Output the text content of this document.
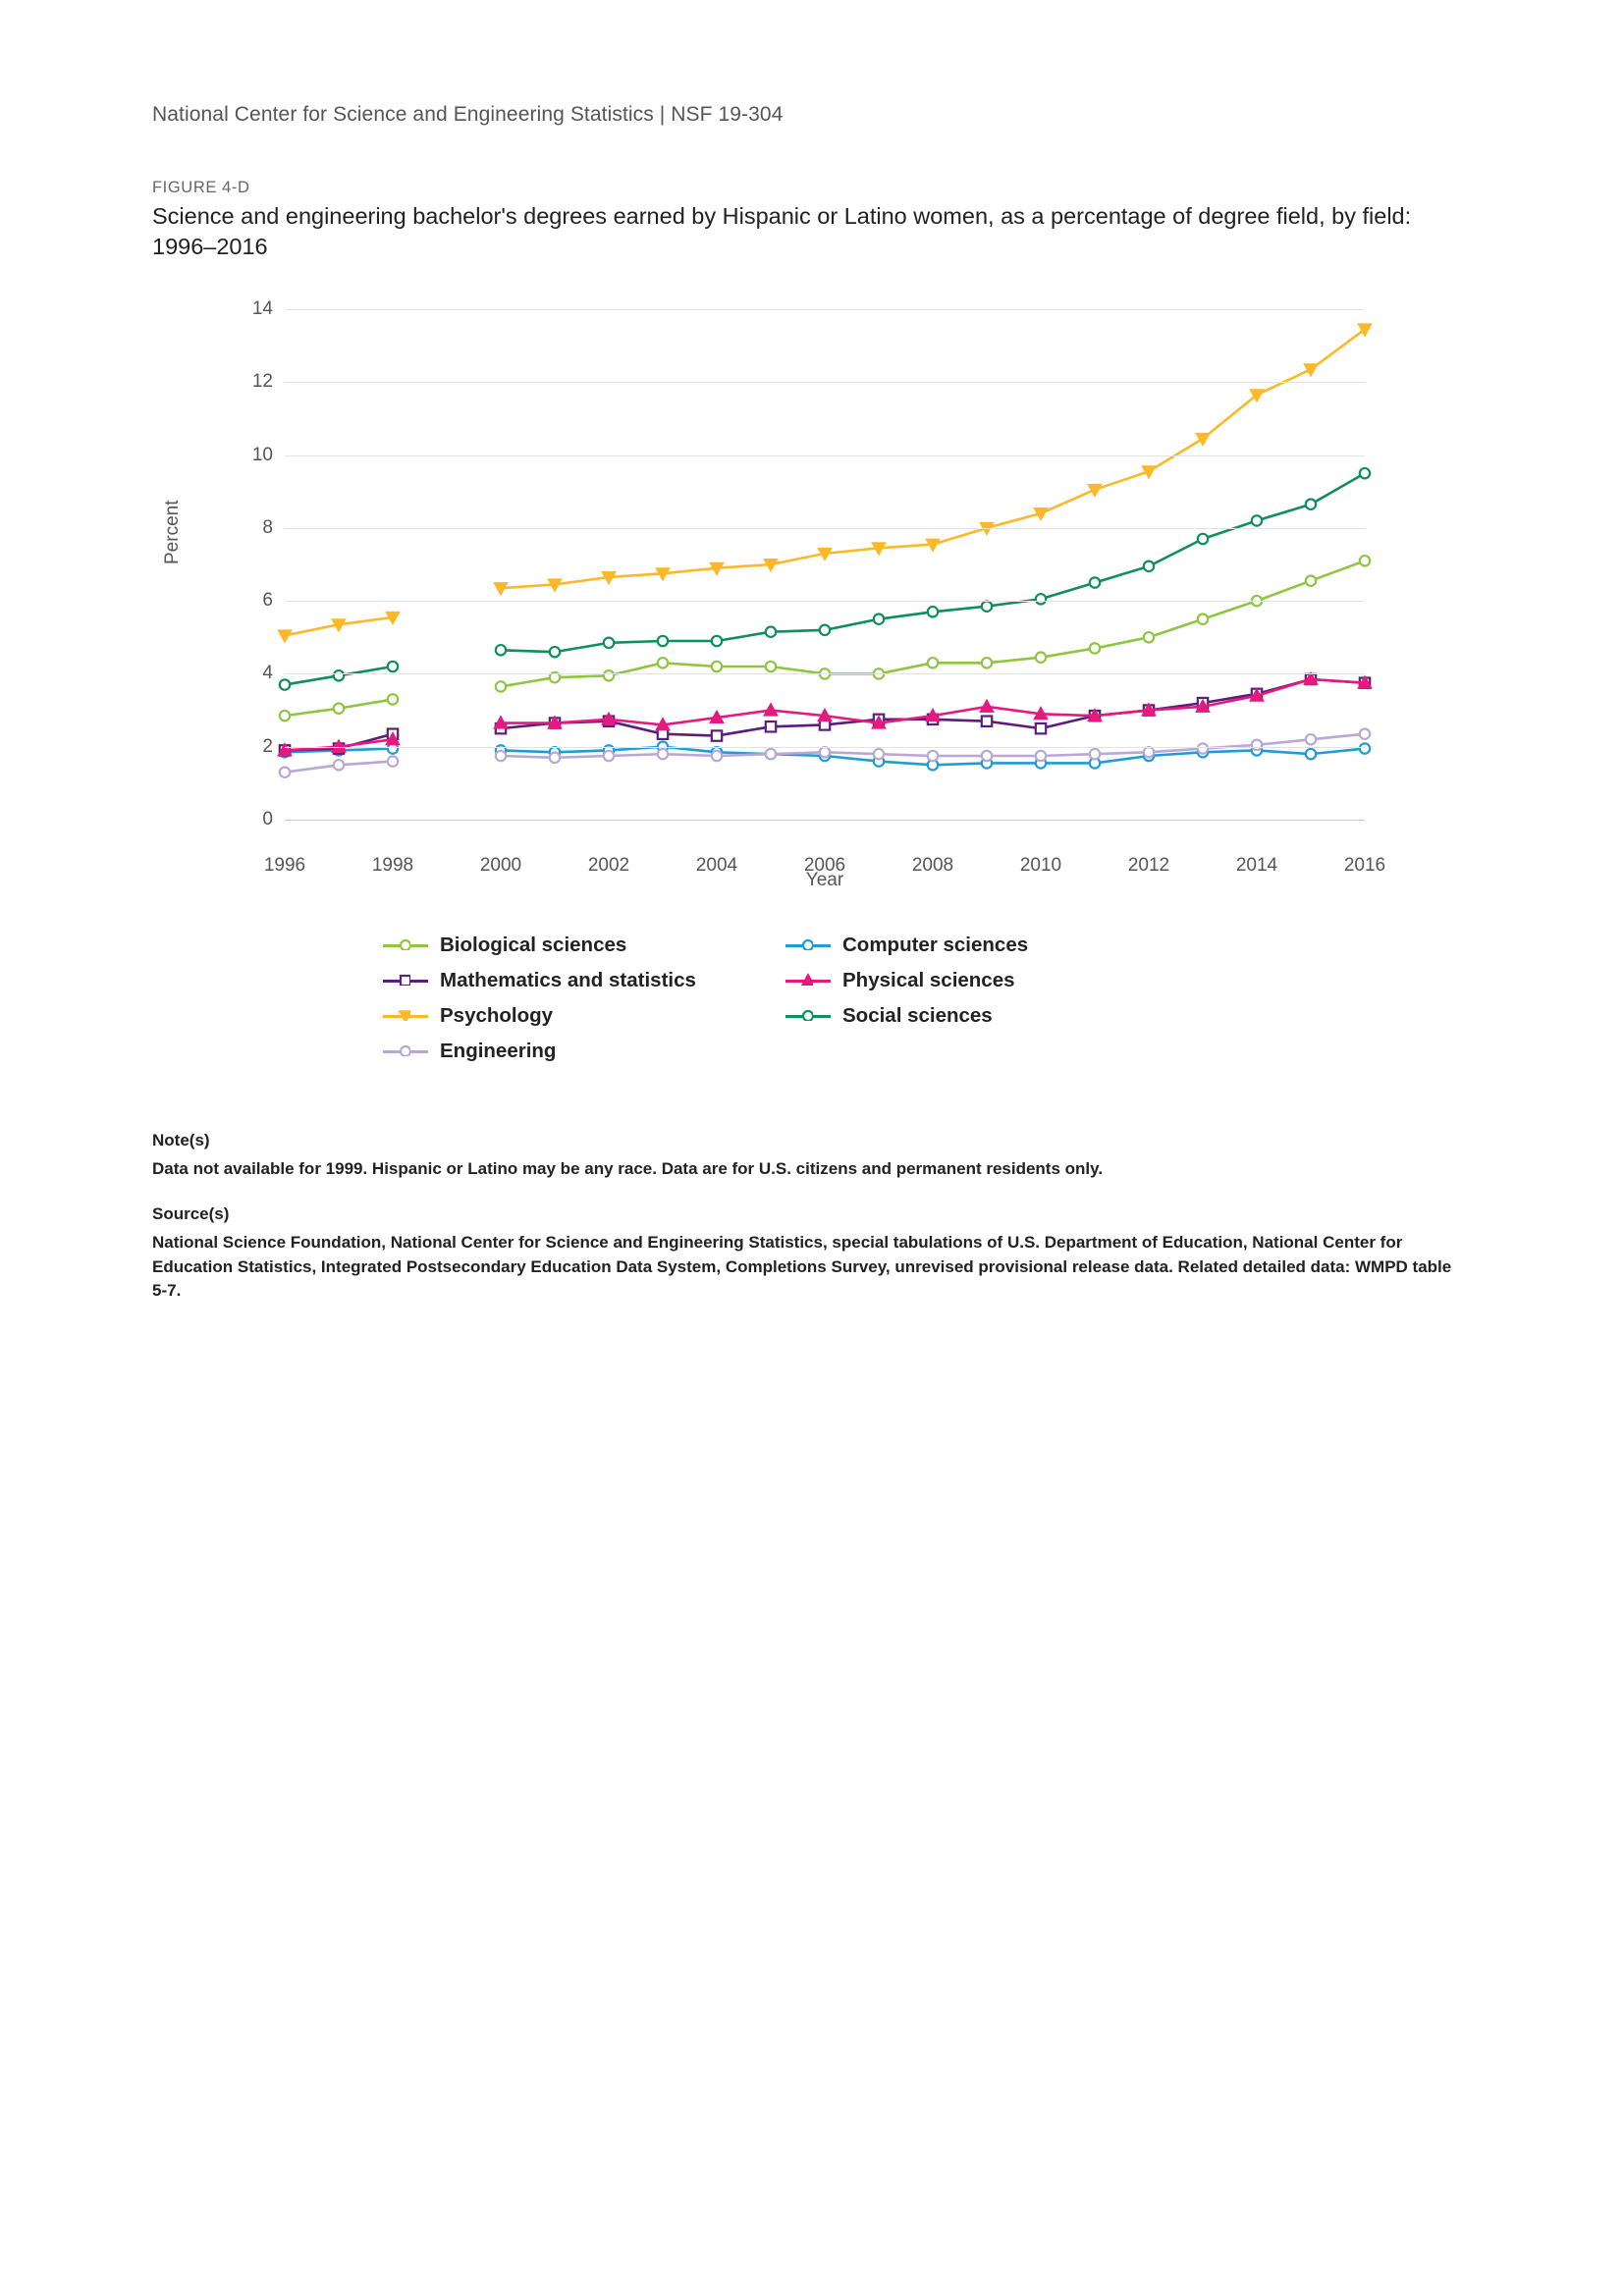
National Center for Science and Engineering Statistics | NSF 19-304
FIGURE 4-D
Science and engineering bachelor's degrees earned by Hispanic or Latino women, as a percentage of degree field, by field: 1996–2016
Percent
0
2
4
6
8
10
12
14
1996	1998	2000	2002	2004	2006	2008	2010	2012	2014	2016
Year
Biological sciences
Mathematics and statistics
Psychology
Computer sciences
Physical sciences
Social sciences

Engineering
Note(s)

Data not available for 1999. Hispanic or Latino may be any race. Data are for U.S. citizens and permanent residents only.

Source(s)

National Science Foundation, National Center for Science and Engineering Statistics, special tabulations of U.S. Department of Education, National Center for Education Statistics, Integrated Postsecondary Education Data System, Completions Survey, unrevised provisional release data. Related detailed data: WMPD table 5-7.
